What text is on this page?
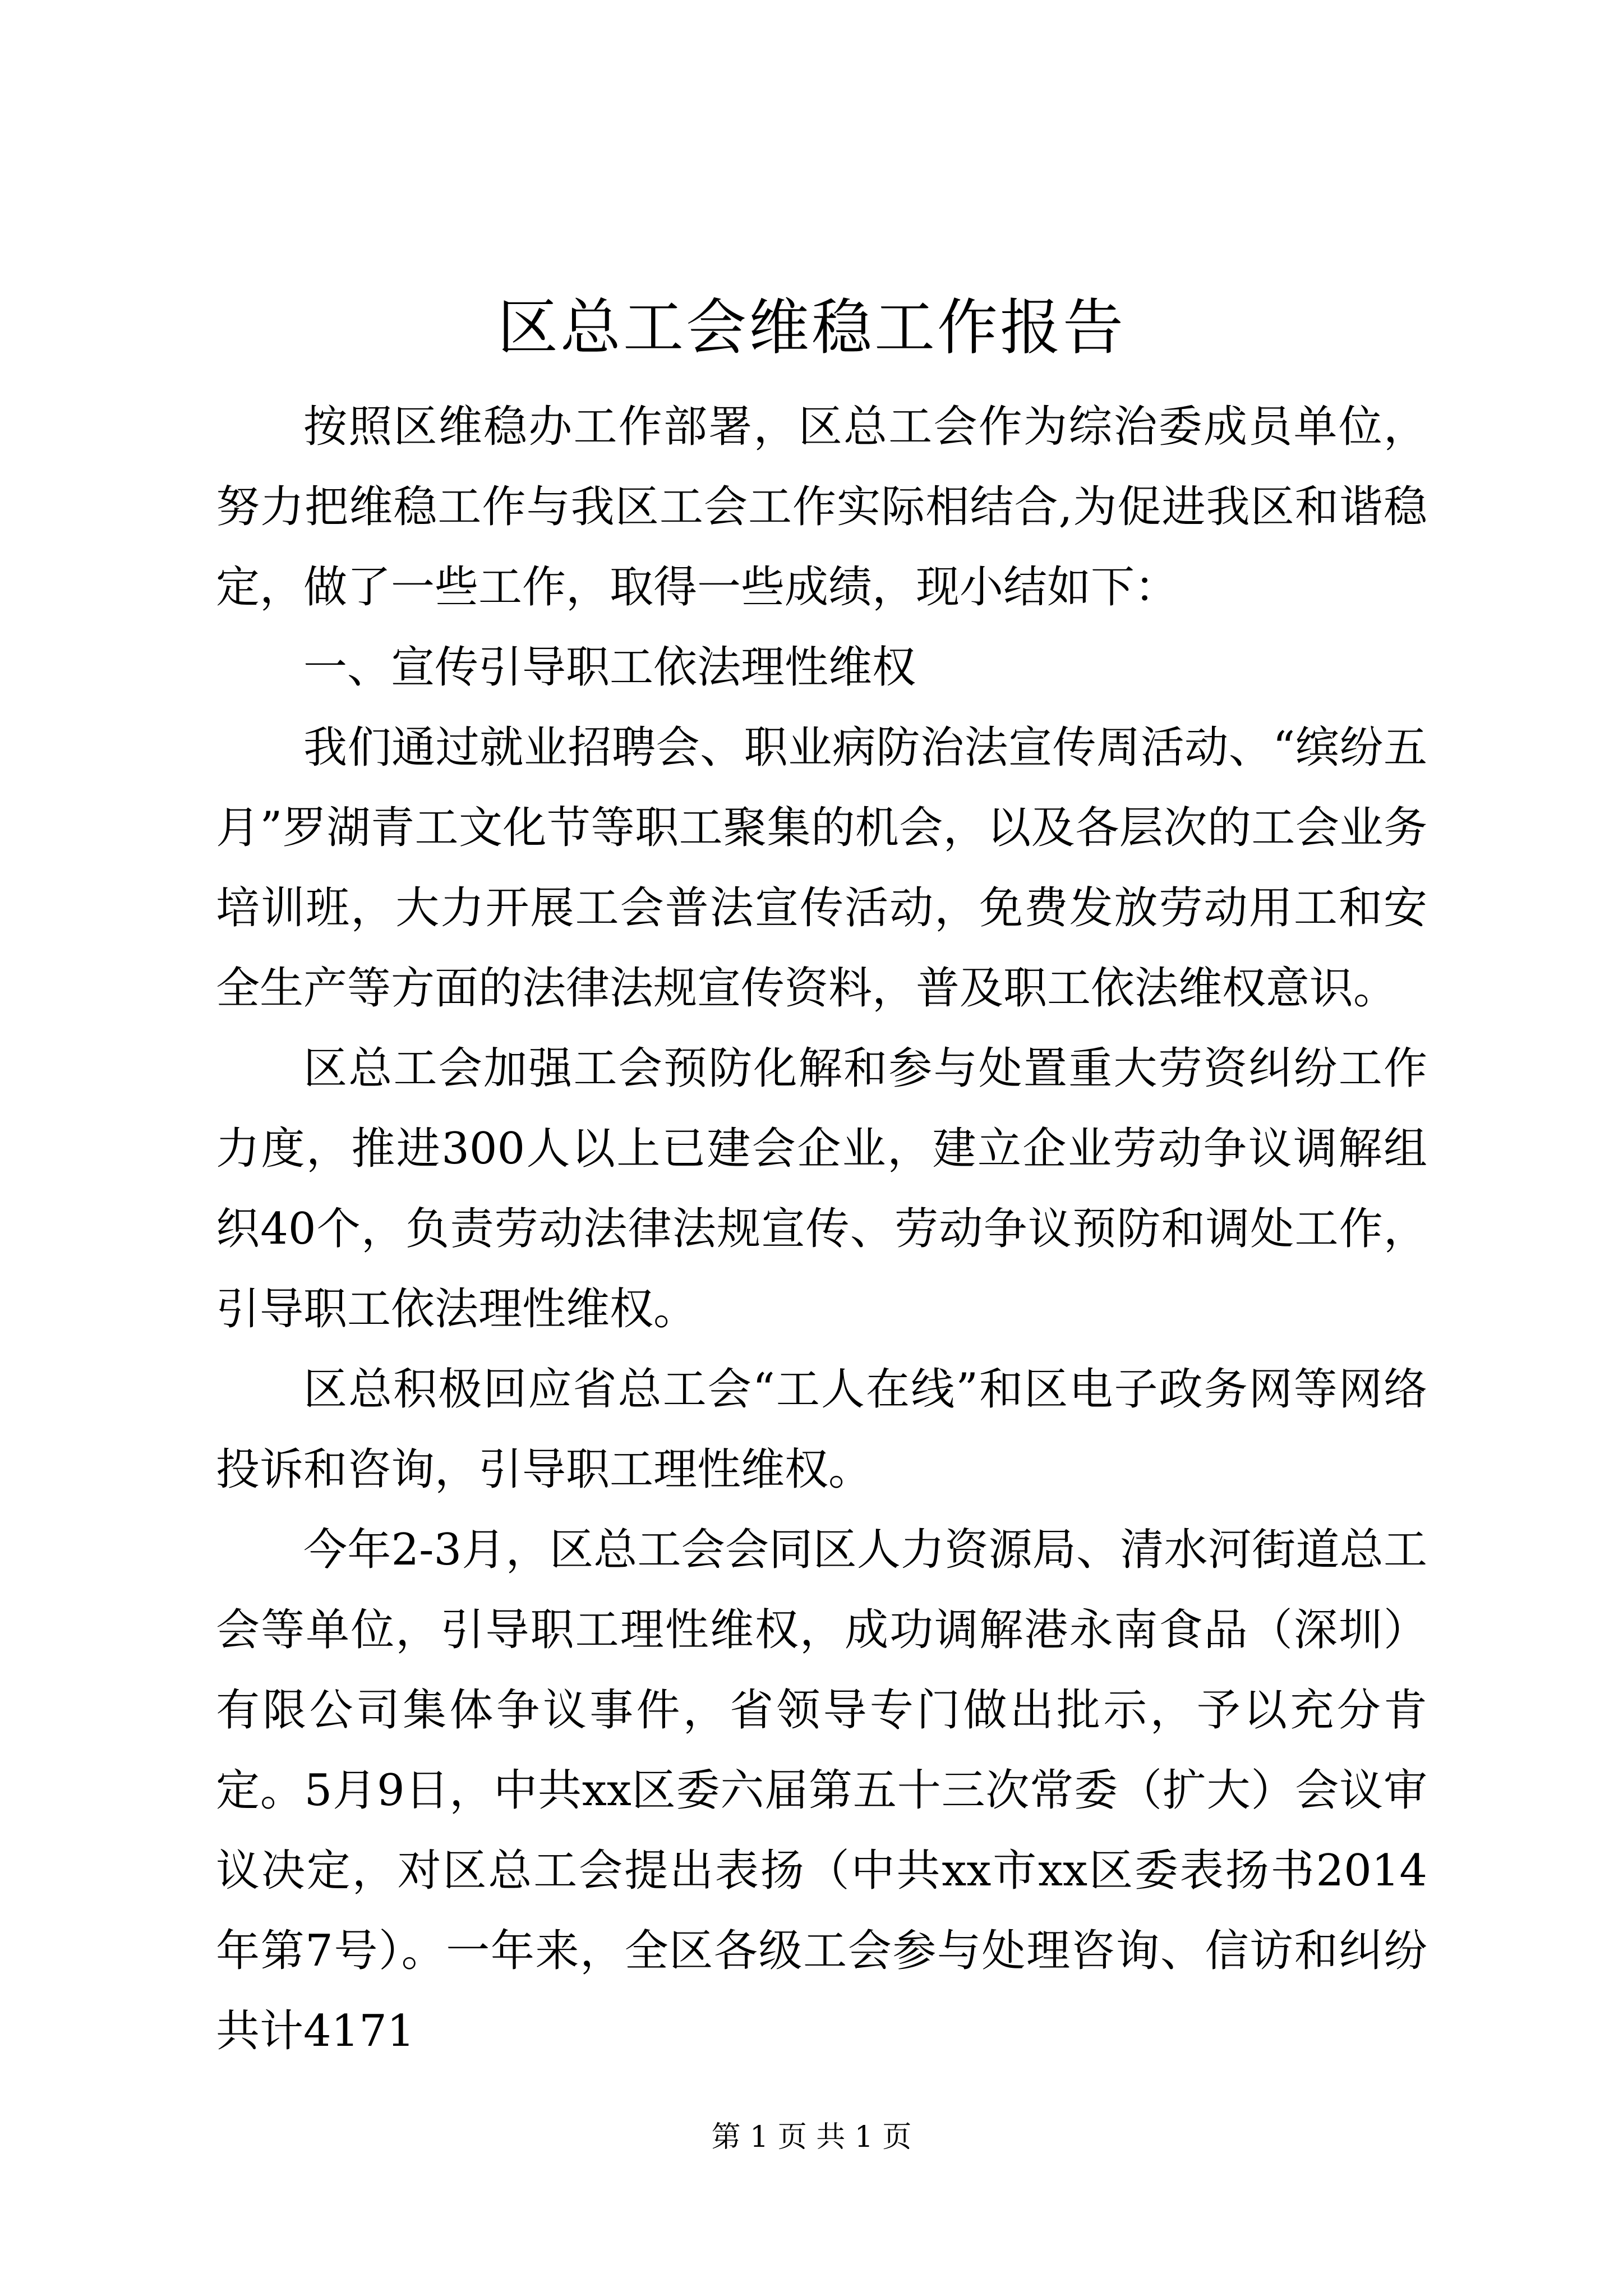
区总工会维稳工作报告

按照区维稳办工作部署，区总工会作为综治委成员单位，努力把维稳工作与我区工会工作实际相结合,为促进我区和谐稳定，做了一些工作，取得一些成绩，现小结如下：

一、宣传引导职工依法理性维权

我们通过就业招聘会、职业病防治法宣传周活动、“缤纷五月”罗湖青工文化节等职工聚集的机会，以及各层次的工会业务培训班，大力开展工会普法宣传活动，免费发放劳动用工和安全生产等方面的法律法规宣传资料，普及职工依法维权意识。

区总工会加强工会预防化解和参与处置重大劳资纠纷工作力度，推进300人以上已建会企业，建立企业劳动争议调解组织40个，负责劳动法律法规宣传、劳动争议预防和调处工作，引导职工依法理性维权。

区总积极回应省总工会“工人在线”和区电子政务网等网络投诉和咨询，引导职工理性维权。

今年2-3月，区总工会会同区人力资源局、清水河街道总工会等单位，引导职工理性维权，成功调解港永南食品（深圳）有限公司集体争议事件，省领导专门做出批示，予以充分肯定。5月9日，中共xx区委六届第五十三次常委（扩大）会议审议决定，对区总工会提出表扬（中共xx市xx区委表扬书2014年第7号）。一年来，全区各级工会参与处理咨询、信访和纠纷共计4171

第 1 页 共 1 页
